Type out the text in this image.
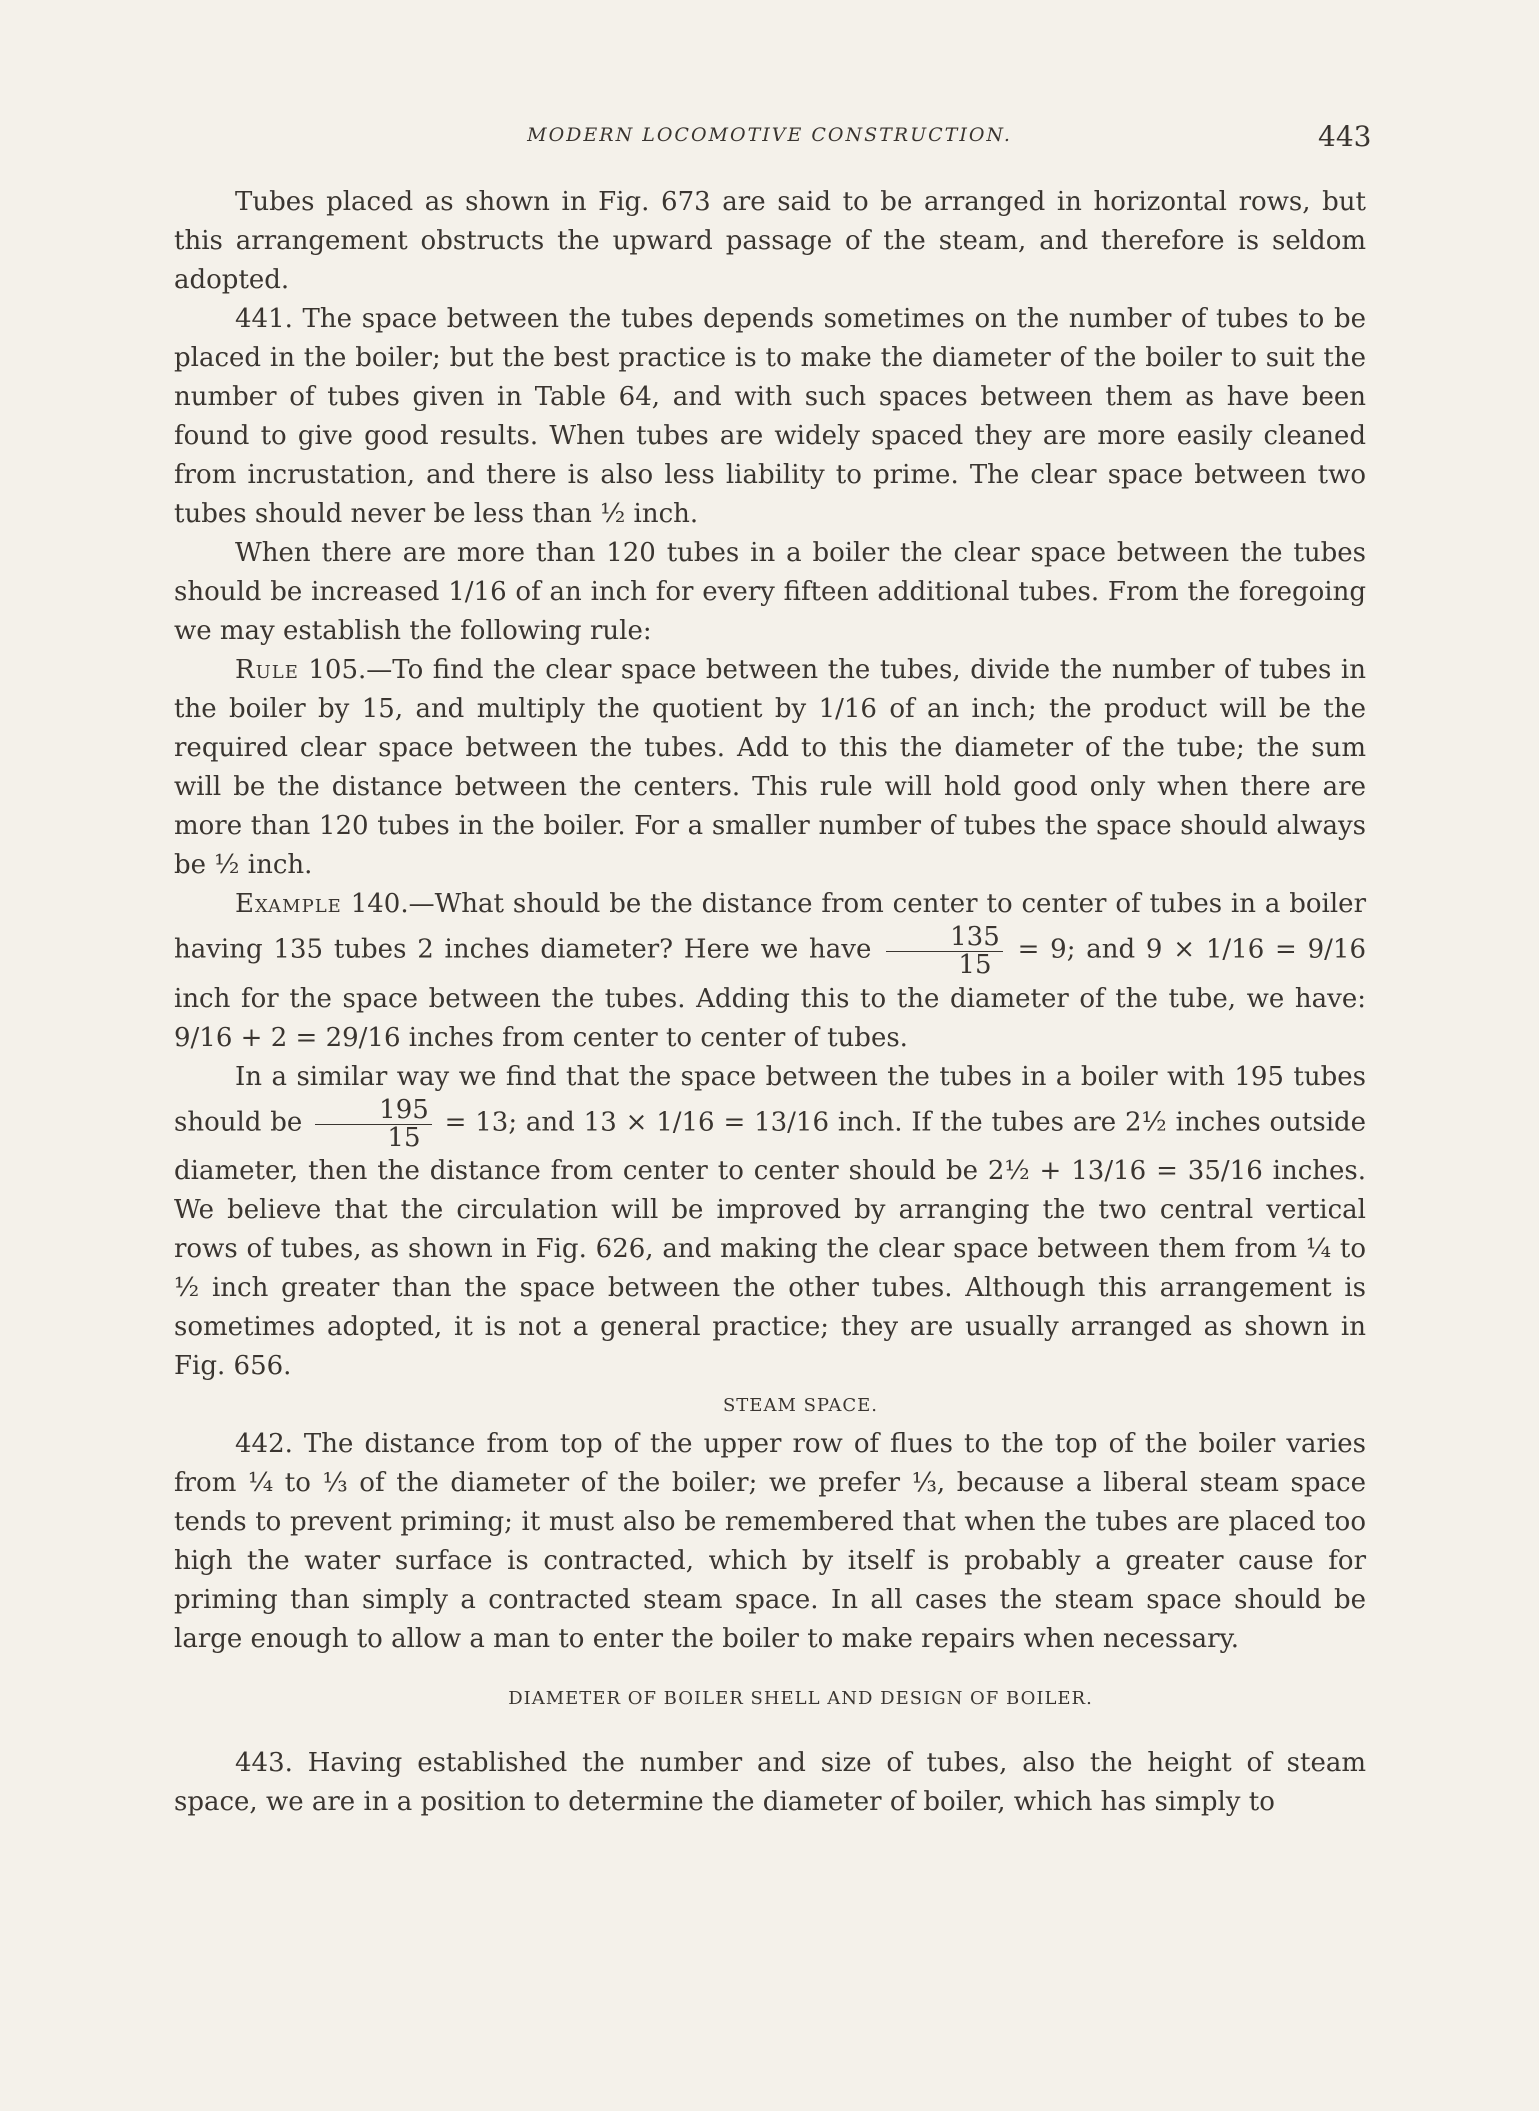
MODERN LOCOMOTIVE CONSTRUCTION.	443

Tubes placed as shown in Fig. 673 are said to be arranged in horizontal rows, but this arrangement obstructs the upward passage of the steam, and therefore is seldom adopted.

441. The space between the tubes depends sometimes on the number of tubes to be placed in the boiler; but the best practice is to make the diameter of the boiler to suit the number of tubes given in Table 64, and with such spaces between them as have been found to give good results. When tubes are widely spaced they are more easily cleaned from incrustation, and there is also less liability to prime. The clear space between two tubes should never be less than ½ inch.

When there are more than 120 tubes in a boiler the clear space between the tubes should be increased 1/16 of an inch for every fifteen additional tubes. From the foregoing we may establish the following rule:

Rule 105.—To find the clear space between the tubes, divide the number of tubes in the boiler by 15, and multiply the quotient by 1/16 of an inch; the product will be the required clear space between the tubes. Add to this the diameter of the tube; the sum will be the distance between the centers. This rule will hold good only when there are more than 120 tubes in the boiler. For a smaller number of tubes the space should always be ½ inch.

Example 140.—What should be the distance from center to center of tubes in a boiler having 135 tubes 2 inches diameter? Here we have $\frac{135}{15} = 9$; and 9 × 1/16 = 9/16 inch for the space between the tubes. Adding this to the diameter of the tube, we have: 9/16 + 2 = 29/16 inches from center to center of tubes.

In a similar way we find that the space between the tubes in a boiler with 195 tubes should be $\frac{195}{15} = 13$; and 13 × 1/16 = 13/16 inch. If the tubes are 2½ inches outside diameter, then the distance from center to center should be 2½ + 13/16 = 35/16 inches. We believe that the circulation will be improved by arranging the two central vertical rows of tubes, as shown in Fig. 626, and making the clear space between them from ¼ to ½ inch greater than the space between the other tubes. Although this arrangement is sometimes adopted, it is not a general practice; they are usually arranged as shown in Fig. 656.

STEAM SPACE.

442. The distance from top of the upper row of flues to the top of the boiler varies from ¼ to ⅓ of the diameter of the boiler; we prefer ⅓, because a liberal steam space tends to prevent priming; it must also be remembered that when the tubes are placed too high the water surface is contracted, which by itself is probably a greater cause for priming than simply a contracted steam space. In all cases the steam space should be large enough to allow a man to enter the boiler to make repairs when necessary.

DIAMETER OF BOILER SHELL AND DESIGN OF BOILER.

443. Having established the number and size of tubes, also the height of steam space, we are in a position to determine the diameter of boiler, which has simply to
